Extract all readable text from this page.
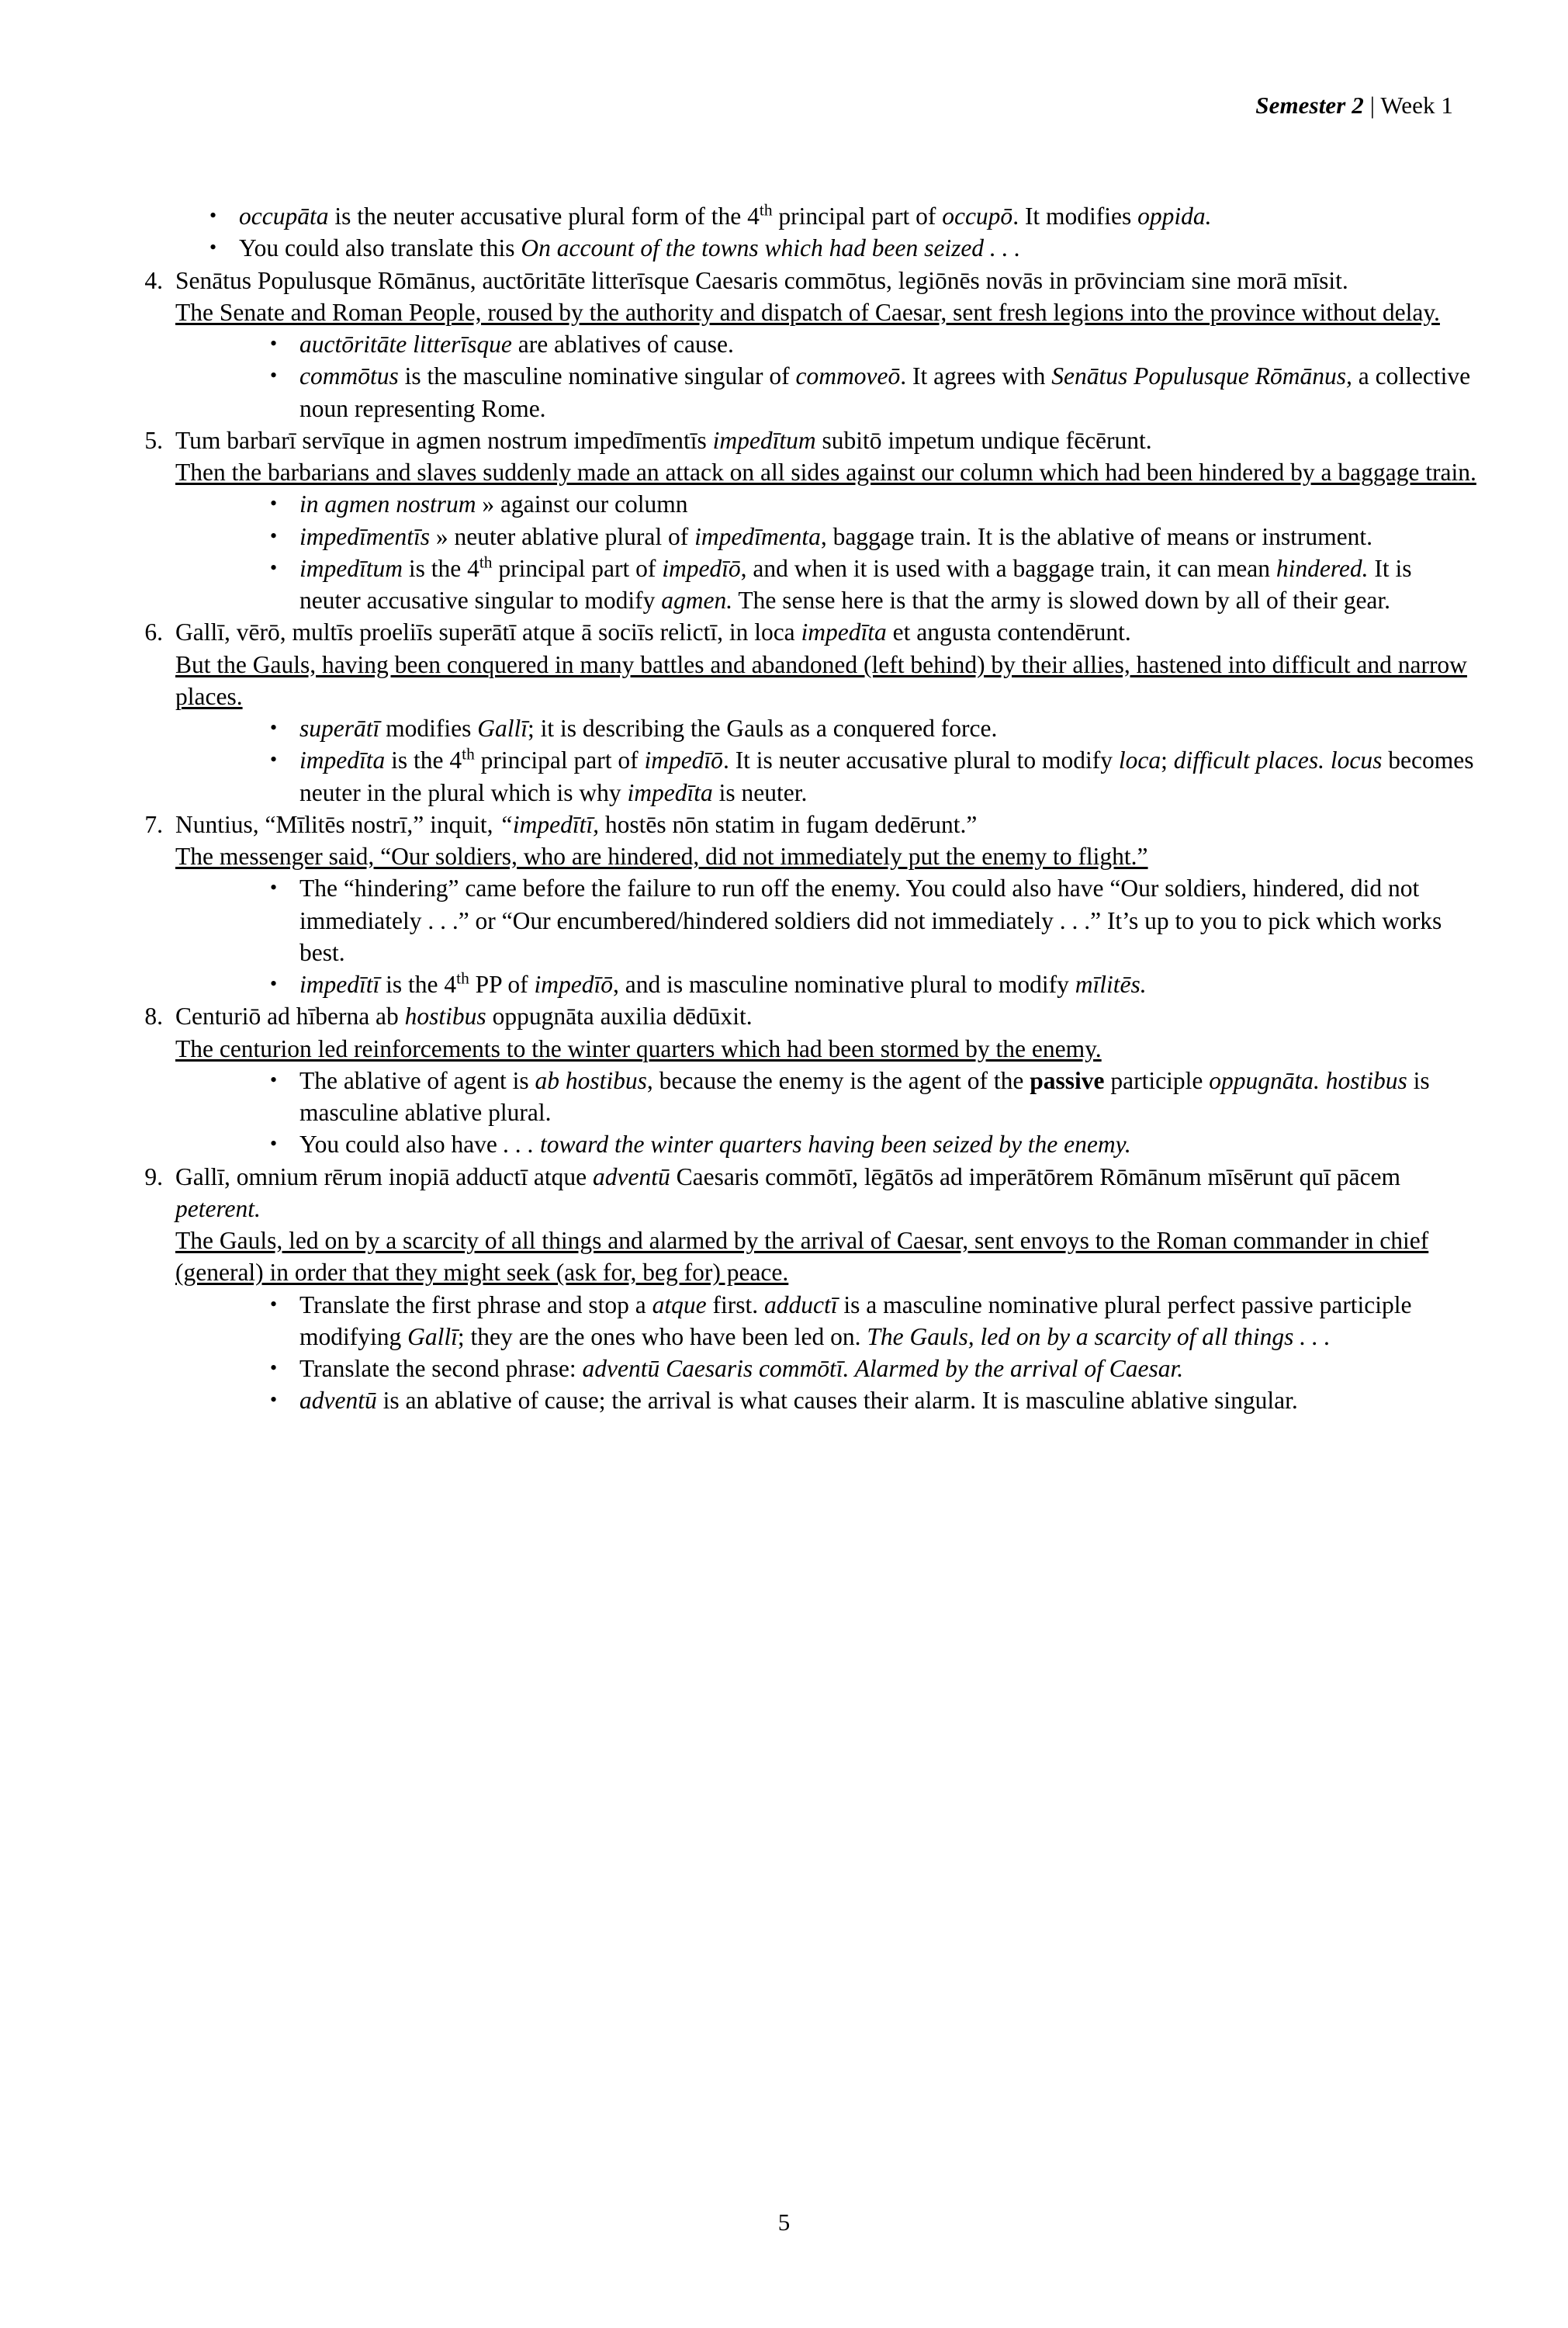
Semester 2 | Week 1
• occupāta is the neuter accusative plural form of the 4th principal part of occupō. It modifies oppida.
• You could also translate this On account of the towns which had been seized . . .
4. Senātus Populusque Rōmānus, auctōritāte litterīsque Caesaris commōtus, legiōnēs novās in prōvinciam sine morā mīsit.
The Senate and Roman People, roused by the authority and dispatch of Caesar, sent fresh legions into the province without delay.
• auctōritāte litterīsque are ablatives of cause.
• commōtus is the masculine nominative singular of commoveō. It agrees with Senātus Populusque Rōmānus, a collective noun representing Rome.
5. Tum barbarī servīque in agmen nostrum impedīmentīs impedītum subitō impetum undique fēcērunt.
Then the barbarians and slaves suddenly made an attack on all sides against our column which had been hindered by a baggage train.
• in agmen nostrum » against our column
• impedīmentīs » neuter ablative plural of impedīmenta, baggage train. It is the ablative of means or instrument.
• impedītum is the 4th principal part of impedīō, and when it is used with a baggage train, it can mean hindered. It is neuter accusative singular to modify agmen. The sense here is that the army is slowed down by all of their gear.
6. Gallī, vērō, multīs proeliīs superātī atque ā sociīs relictī, in loca impedīta et angusta contendērunt.
But the Gauls, having been conquered in many battles and abandoned (left behind) by their allies, hastened into difficult and narrow places.
• superātī modifies Gallī; it is describing the Gauls as a conquered force.
• impedīta is the 4th principal part of impedīō. It is neuter accusative plural to modify loca; difficult places. locus becomes neuter in the plural which is why impedīta is neuter.
7. Nuntius, “Mīlitēs nostrī,” inquit, “impedītī, hostēs nōn statim in fugam dedērunt.”
The messenger said, “Our soldiers, who are hindered, did not immediately put the enemy to flight.”
• The “hindering” came before the failure to run off the enemy. You could also have “Our soldiers, hindered, did not immediately . . .” or “Our encumbered/hindered soldiers did not immediately . . .” It’s up to you to pick which works best.
• impedītī is the 4th PP of impedīō, and is masculine nominative plural to modify mīlitēs.
8. Centuriō ad hīberna ab hostibus oppugnāta auxilia dēdūxit.
The centurion led reinforcements to the winter quarters which had been stormed by the enemy.
• The ablative of agent is ab hostibus, because the enemy is the agent of the passive participle oppugnāta. hostibus is masculine ablative plural.
• You could also have . . . toward the winter quarters having been seized by the enemy.
9. Gallī, omnium rērum inopiā adductī atque adventū Caesaris commōtī, lēgātōs ad imperātōrem Rōmānum mīsērunt quī pācem peterent.
The Gauls, led on by a scarcity of all things and alarmed by the arrival of Caesar, sent envoys to the Roman commander in chief (general) in order that they might seek (ask for, beg for) peace.
• Translate the first phrase and stop a atque first. adductī is a masculine nominative plural perfect passive participle modifying Gallī; they are the ones who have been led on. The Gauls, led on by a scarcity of all things . . .
• Translate the second phrase: adventū Caesaris commōtī. Alarmed by the arrival of Caesar.
• adventū is an ablative of cause; the arrival is what causes their alarm. It is masculine ablative singular.
5
